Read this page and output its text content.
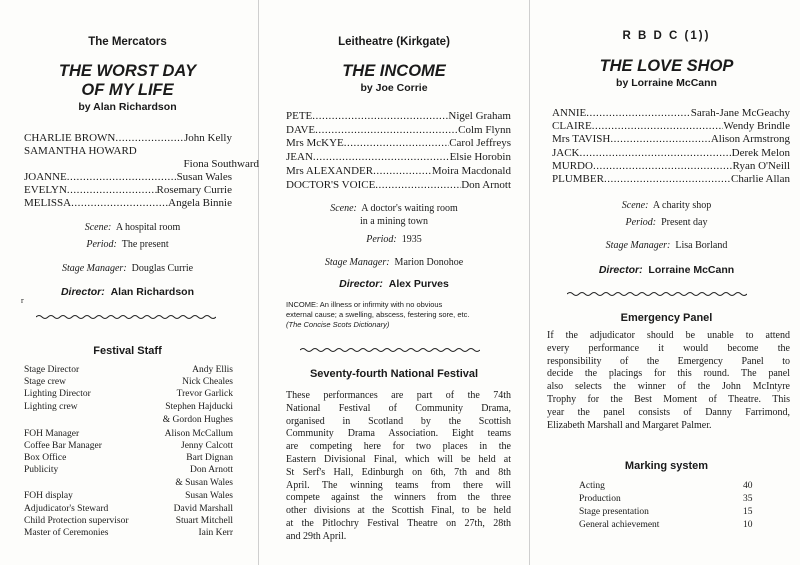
The Mercators
THE WORST DAY
OF MY LIFE
by Alan Richardson
CHARLIE BROWN .....	John Kelly
SAMANTHA HOWARD
Fiona Southward
JOANNE .....	Susan Wales
EVELYN .....	Rosemary Currie
MELISSA .....	Angela Binnie
Scene: A hospital room
Period: The present
Stage Manager: Douglas Currie
Director: Alan Richardson
r
Festival Staff
Stage Director	Andy Ellis
Stage crew	Nick Cheales
Lighting Director	Trevor Garlick
Lighting crew	Stephen Hajducki
& Gordon Hughes
FOH Manager	Alison McCallum
Coffee Bar Manager	Jenny Calcott
Box Office	Bart Dignan
Publicity	Don Arnott
& Susan Wales
FOH display	Susan Wales
Adjudicator's Steward	David Marshall
Child Protection supervisor	Stuart Mitchell
Master of Ceremonies	Iain Kerr
Leitheatre (Kirkgate)
THE INCOME
by Joe Corrie
PETE .....	Nigel Graham
DAVE .....	Colm Flynn
Mrs McKYE .....	Carol Jeffreys
JEAN .....	Elsie Horobin
Mrs ALEXANDER .....	Moira Macdonald
DOCTOR'S VOICE .....	Don Arnott
Scene: A doctor's waiting room
in a mining town
Period: 1935
Stage Manager: Marion Donohoe
Director: Alex Purves
INCOME: An illness or infirmity with no obvious
external cause; a swelling, abscess, festering sore, etc.
(The Concise Scots Dictionary)
Seventy-fourth National Festival
These performances are part of the 74th
National Festival of Community Drama,
organised in Scotland by the Scottish
Community Drama Association. Eight teams
are competing here for two places in the
Eastern Divisional Final, which will be held at
St Serf's Hall, Edinburgh on 6th, 7th and 8th
April. The winning teams from there will
compete against the winners from the three
other divisions at the Scottish Final, to be held
at the Pitlochry Festival Theatre on 27th, 28th
and 29th April.
R B D C (1))
THE LOVE SHOP
by Lorraine McCann
ANNIE .....	Sarah-Jane McGeachy
CLAIRE .....	Wendy Brindle
Mrs TAVISH .....	Alison Armstrong
JACK .....	Derek Melon
MURDO .....	Ryan O'Neill
PLUMBER .....	Charlie Allan
Scene: A charity shop
Period: Present day
Stage Manager: Lisa Borland
Director: Lorraine McCann
Emergency Panel
If the adjudicator should be unable to attend
every performance it would become the
responsibility of the Emergency Panel to
decide the placings for this round. The panel
also selects the winner of the John McIntyre
Trophy for the Best Moment of Theatre. This
year the panel consists of Danny Farrimond,
Elizabeth Marshall and Margaret Palmer.
Marking system
Acting	40
Production	35
Stage presentation	15
General achievement	10
